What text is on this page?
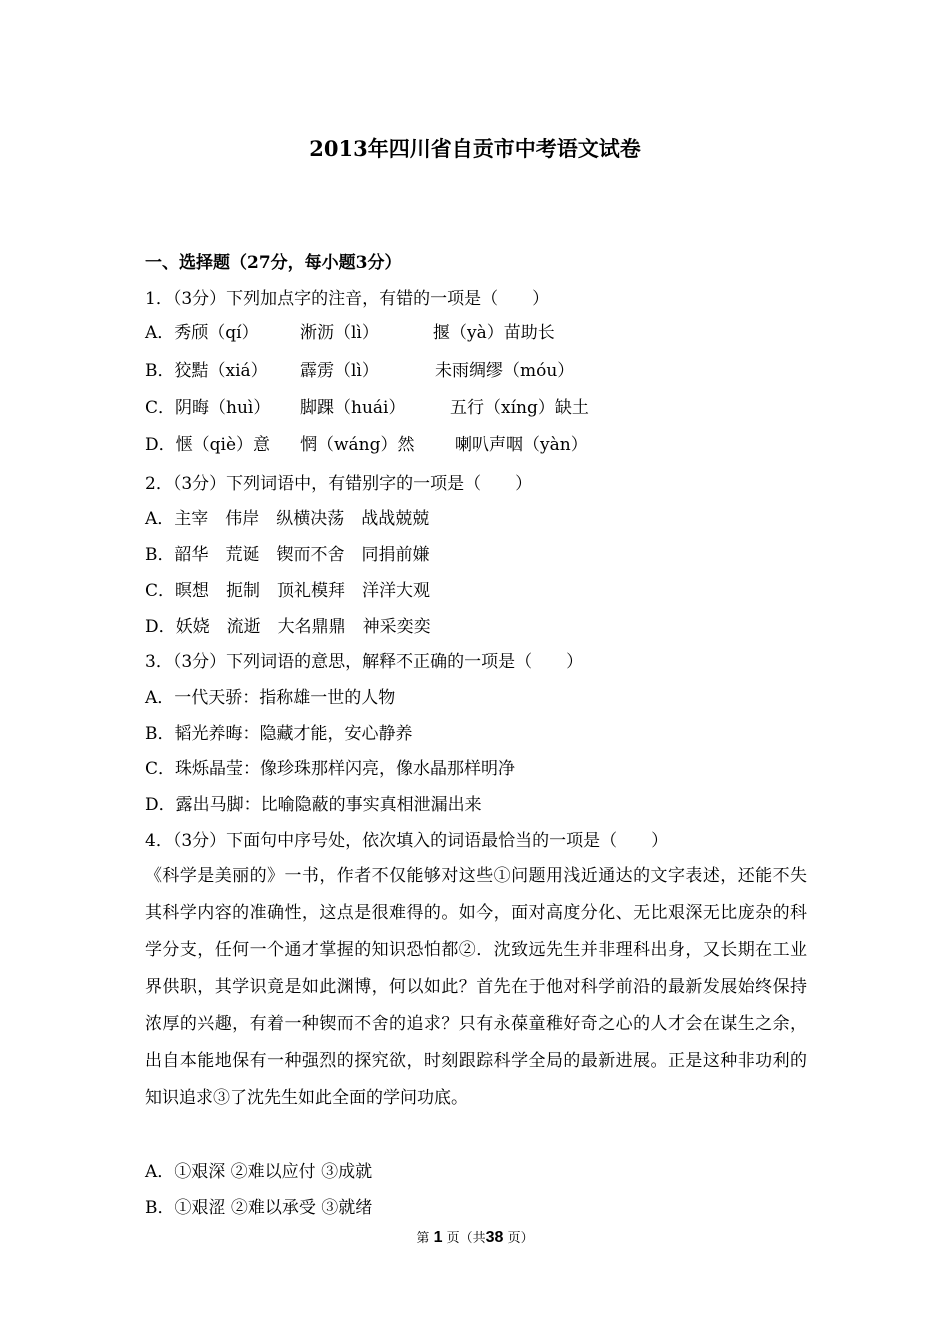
2013年四川省自贡市中考语文试卷
一、选择题（27分，每小题3分）
1．（3分）下列加点字的注音，有错的一项是（　　）
A．秀颀（qí） 淅沥（lì）	揠（yà）苗助长
B．狡黠（xiá） 霹雳（lì）	未雨绸缪（móu）
C．阴晦（huì） 脚踝（huái）	五行（xíng）缺土
D．惬（qiè）意 惘（wáng）然 喇叭声咽（yàn）
2．（3分）下列词语中，有错别字的一项是（　　）
A．主宰　伟岸　纵横决荡　战战兢兢
B．韶华　荒诞　锲而不舍　同捐前嫌
C．暝想　扼制　顶礼模拜　洋洋大观
D．妖娆　流逝　大名鼎鼎　神采奕奕
3．（3分）下列词语的意思，解释不正确的一项是（　　）
A．一代天骄：指称雄一世的人物
B．韬光养晦：隐藏才能，安心静养
C．珠烁晶莹：像珍珠那样闪亮，像水晶那样明净
D．露出马脚：比喻隐蔽的事实真相泄漏出来
4．（3分）下面句中序号处，依次填入的词语最恰当的一项是（　　）

《科学是美丽的》一书，作者不仅能够对这些①问题用浅近通达的文字表述，还能不失其科学内容的准确性，这点是很难得的。如今，面对高度分化、无比艰深无比庞杂的科学分支，任何一个通才掌握的知识恐怕都②．沈致远先生并非理科出身，又长期在工业界供职，其学识竟是如此渊博，何以如此？首先在于他对科学前沿的最新发展始终保持浓厚的兴趣，有着一种锲而不舍的追求？只有永葆童稚好奇之心的人才会在谋生之余，出自本能地保有一种强烈的探究欲，时刻跟踪科学全局的最新进展。正是这种非功利的知识追求③了沈先生如此全面的学问功底。

A．①艰深 ②难以应付 ③成就
B．①艰涩 ②难以承受 ③就绪
第 1 页（共38 页）
